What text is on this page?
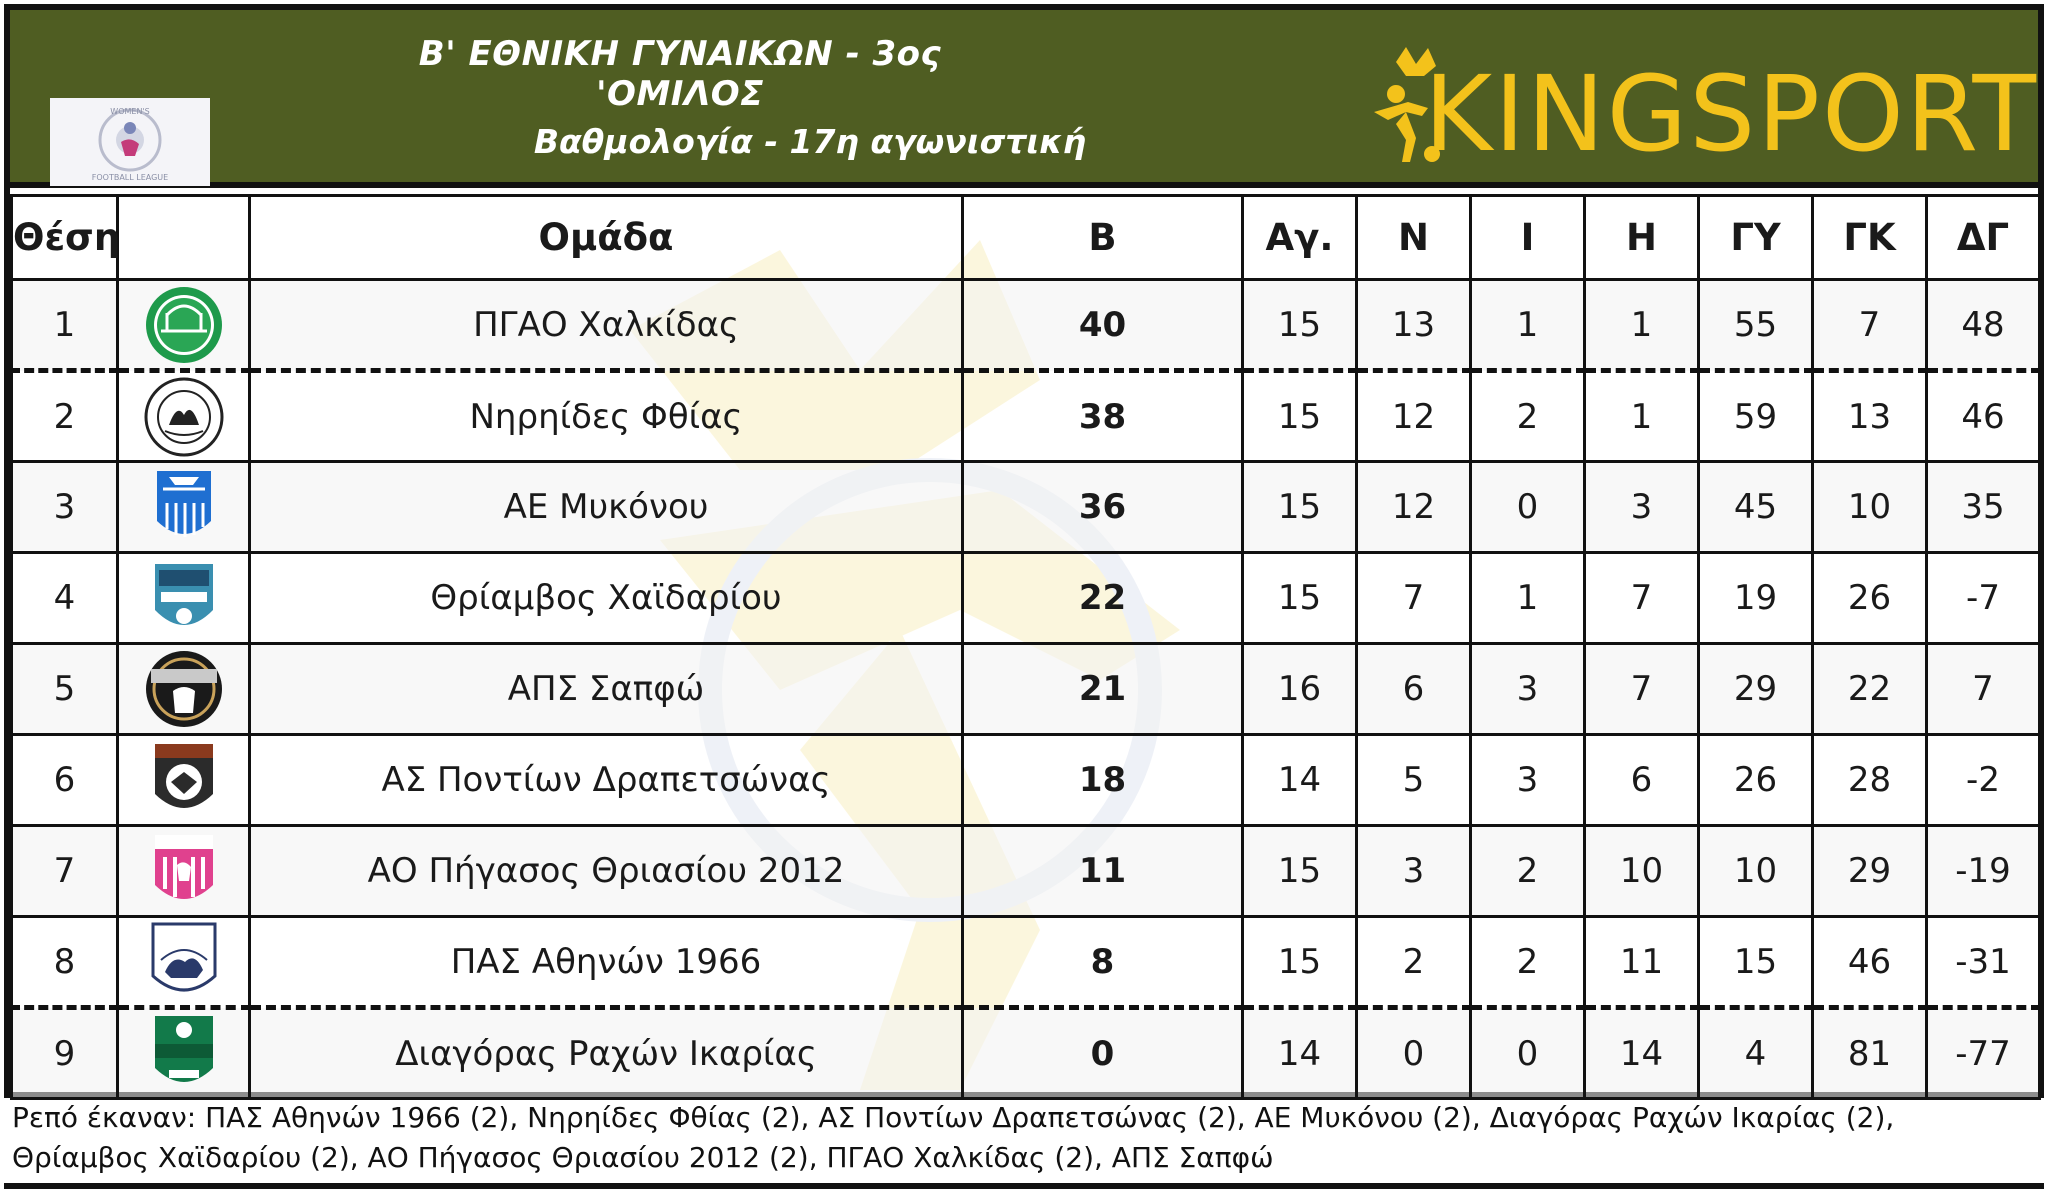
WOMEN'S
FOOTBALL LEAGUE
Β' ΕΘΝΙΚΗ ΓΥΝΑΙΚΩΝ - 3ος 'ΟΜΙΛΟΣ
Βαθμολογία - 17η αγωνιστική	KINGSPORT
Θέση		Ομάδα	Β	Αγ.	Ν	Ι	Η	ΓΥ	ΓΚ	ΔΓ
1		ΠΓΑΟ Χαλκίδας	40	15	13	1	1	55	7	48
2		Νηρηίδες Φθίας	38	15	12	2	1	59	13	46
3		ΑΕ Μυκόνου	36	15	12	0	3	45	10	35
4		Θρίαμβος Χαϊδαρίου	22	15	7	1	7	19	26	-7
5		ΑΠΣ Σαπφώ	21	16	6	3	7	29	22	7
6		ΑΣ Ποντίων Δραπετσώνας	18	14	5	3	6	26	28	-2
7		ΑΟ Πήγασος Θριασίου 2012	11	15	3	2	10	10	29	-19
8		ΠΑΣ Αθηνών 1966	8	15	2	2	11	15	46	-31
9		Διαγόρας Ραχών Ικαρίας	0	14	0	0	14	4	81	-77
Ρεπό έκαναν: ΠΑΣ Αθηνών 1966 (2), Νηρηίδες Φθίας (2), ΑΣ Ποντίων Δραπετσώνας (2), ΑΕ Μυκόνου (2), Διαγόρας Ραχών Ικαρίας (2), Θρίαμβος Χαϊδαρίου (2), ΑΟ Πήγασος Θριασίου 2012 (2), ΠΓΑΟ Χαλκίδας (2), ΑΠΣ Σαπφώ
